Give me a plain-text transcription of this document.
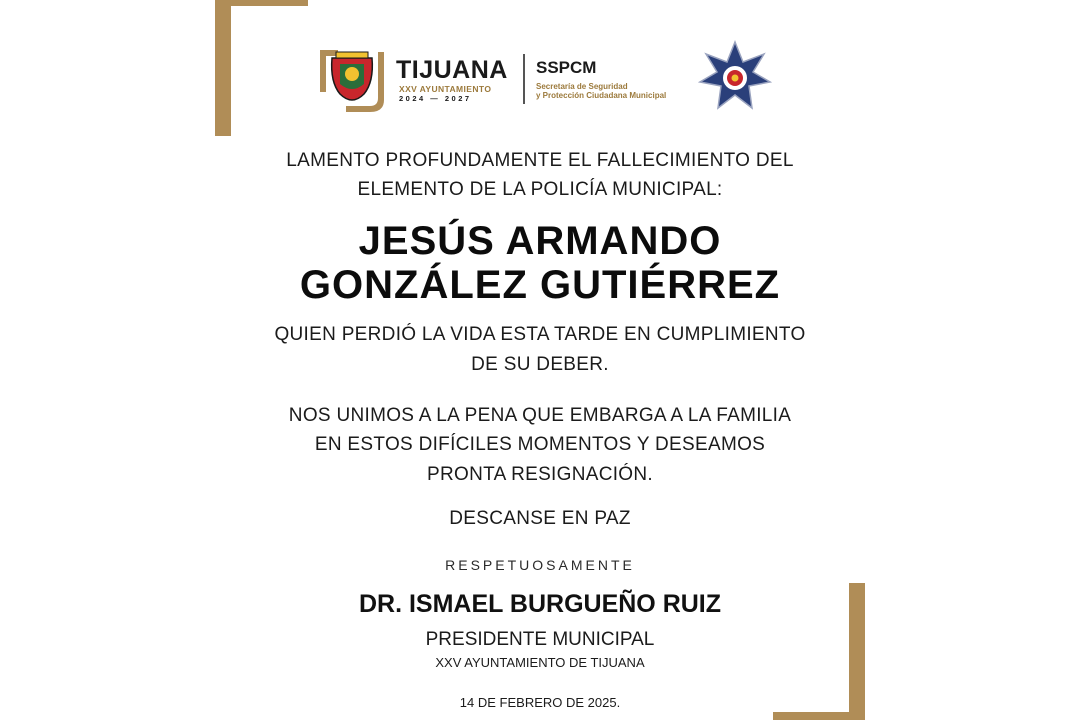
TIJUANA
XXV AYUNTAMIENTO
2024 — 2027
SSPCM
Secretaría de Seguridad
y Protección Ciudadana Municipal
LAMENTO PROFUNDAMENTE EL FALLECIMIENTO DEL
ELEMENTO DE LA POLICÍA MUNICIPAL:
JESÚS ARMANDO
GONZÁLEZ GUTIÉRREZ
QUIEN PERDIÓ LA VIDA ESTA TARDE EN CUMPLIMIENTO
DE SU DEBER.
NOS UNIMOS A LA PENA QUE EMBARGA A LA FAMILIA
EN ESTOS DIFÍCILES MOMENTOS Y DESEAMOS
PRONTA RESIGNACIÓN.
DESCANSE EN PAZ
RESPETUOSAMENTE
DR. ISMAEL BURGUEÑO RUIZ
PRESIDENTE MUNICIPAL
XXV AYUNTAMIENTO DE TIJUANA
14 DE FEBRERO DE 2025.
